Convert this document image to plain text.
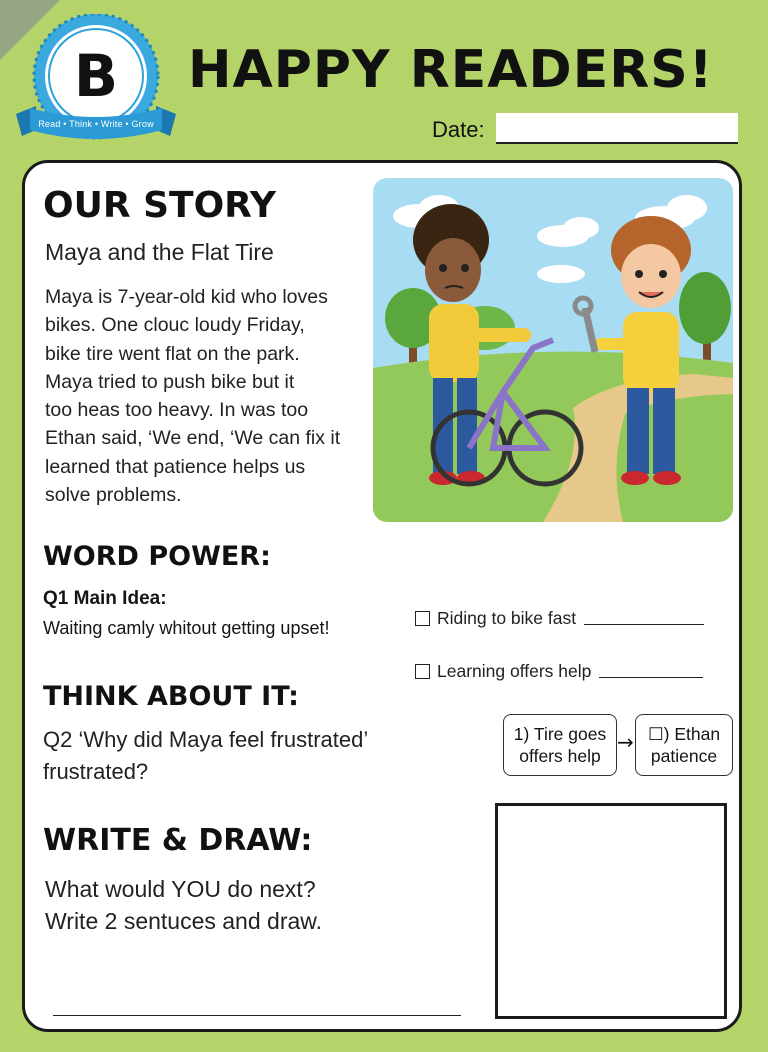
B
Read • Think • Write • Grow
HAPPY READERS!
Date:
OUR STORY
Maya and the Flat Tire
Maya is 7-year-old kid who loves
bikes. One clouc loudy Friday,
bike tire went flat on the park.
Maya tried to push bike but it
too heas too heavy. In was too
Ethan said, ‘We end, ‘We can fix it
learned that patience helps us
solve problems.
WORD POWER:
Q1 Main Idea:
Waiting camly whitout getting upset!	Riding to bike fast
Learning offers help
THINK ABOUT IT:
Q2 ‘Why did Maya feel frustrated’
frustrated?
1) Tire goes
offers help
→ ☐) Ethan
patience
WRITE & DRAW:
What would YOU do next?
Write 2 sentuces and draw.
